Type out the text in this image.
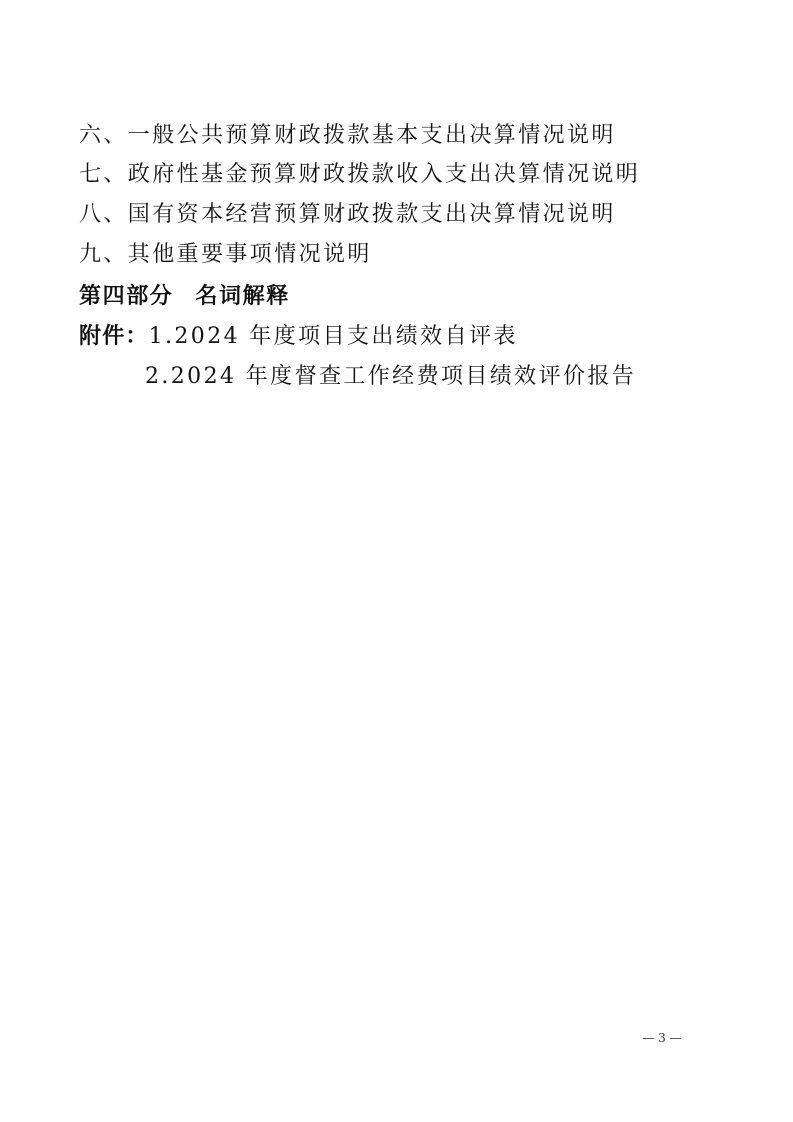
六、一般公共预算财政拨款基本支出决算情况说明
七、政府性基金预算财政拨款收入支出决算情况说明
八、国有资本经营预算财政拨款支出决算情况说明
九、其他重要事项情况说明
第四部分 名词解释
附件：1.2024 年度项目支出绩效自评表
2.2024 年度督查工作经费项目绩效评价报告
— 3 —
